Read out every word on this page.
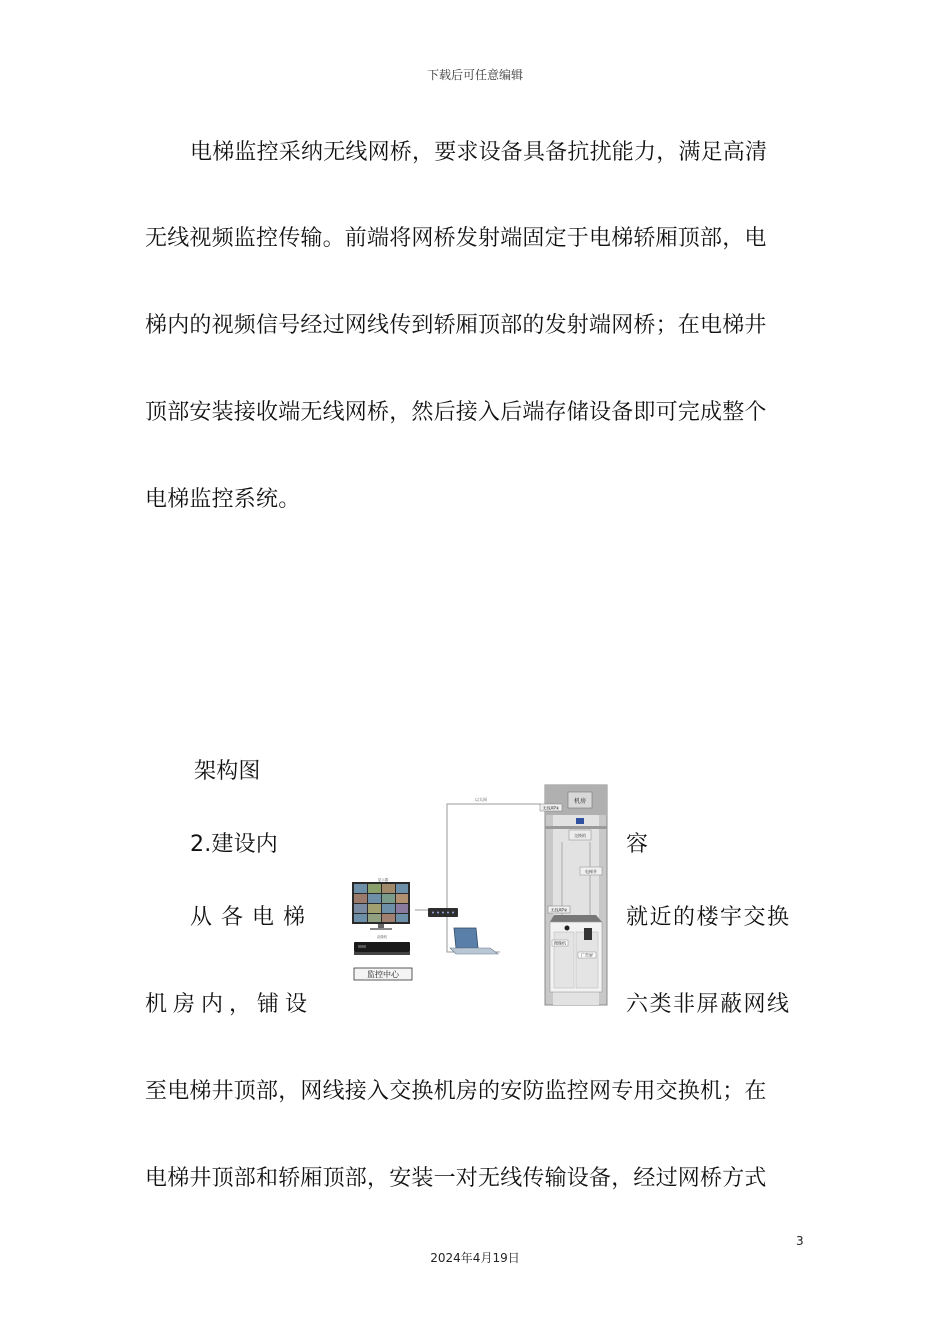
下载后可任意编辑
电梯监控采纳无线网桥，要求设备具备抗扰能力，满足高清
无线视频监控传输。前端将网桥发射端固定于电梯轿厢顶部，电
梯内的视频信号经过网线传到轿厢顶部的发射端网桥；在电梯井
顶部安装接收端无线网桥，然后接入后端存储设备即可完成整个
电梯监控系统。
架构图
2.建设内	容
从各电梯	就近的楼宇交换
机房内，铺设	六类非屏蔽网线
至电梯井顶部，网线接入交换机房的安防监控网专用交换机；在
电梯井顶部和轿厢顶部，安装一对无线传输设备，经过网桥方式
以太网
监控中心
机房
交换机
无线AP①
电梯井
无线AP②
摄像机
广告屏
录像机
显示器
3
2024年4月19日
